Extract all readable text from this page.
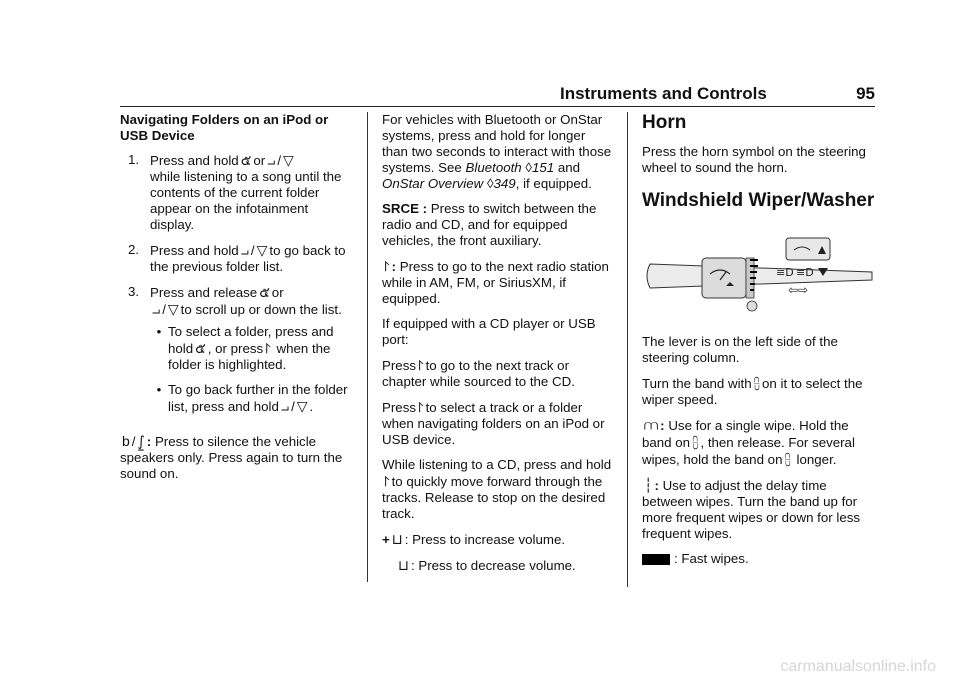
Instruments and Controls	95
Navigating Folders on an iPod or
USB Device
1. Press and hold ๕ or ⨼ / ▽
while listening to a song until the contents of the current folder appear on the infotainment display.
2. Press and hold ⨼ / ▽ to go back to the previous folder list.
3. Press and release ๕ or
⨼ / ▽ to scroll up or down the list.
• To select a folder, press and hold ๕ , or press ⨡ when the folder is highlighted.
• To go back further in the folder list, press and hold ⨼ / ▽ .

b / ⨜ : Press to silence the vehicle speakers only. Press again to turn the sound on.

For vehicles with Bluetooth or OnStar systems, press and hold for longer than two seconds to interact with those systems. See Bluetooth ◊151 and OnStar Overview ◊349, if equipped.

SRCE : Press to switch between the radio and CD, and for equipped vehicles, the front auxiliary.

⨡ : Press to go to the next radio station while in AM, FM, or SiriusXM, if equipped.

If equipped with a CD player or USB port:

Press ⨡ to go to the next track or chapter while sourced to the CD.

Press ⨡ to select a track or a folder when navigating folders on an iPod or USB device.

While listening to a CD, press and hold⨡ to quickly move forward through the tracks. Release to stop on the desired track.

+ ⊔ : Press to increase volume.

⊔ : Press to decrease volume.

Horn

Press the horn symbol on the steering wheel to sound the horn.

Windshield Wiper/Washer
≡D ≡D
⇦⇨

The lever is on the left side of the steering column.

Turn the band with ⩉ on it to select the wiper speed.

⩋ : Use for a single wipe. Hold the band on ⩉ , then release. For several wipes, hold the band on ⩉ longer.

┆ : Use to adjust the delay time between wipes. Turn the band up for more frequent wipes or down for less frequent wipes.

: Fast wipes.

carmanualsonline.info
